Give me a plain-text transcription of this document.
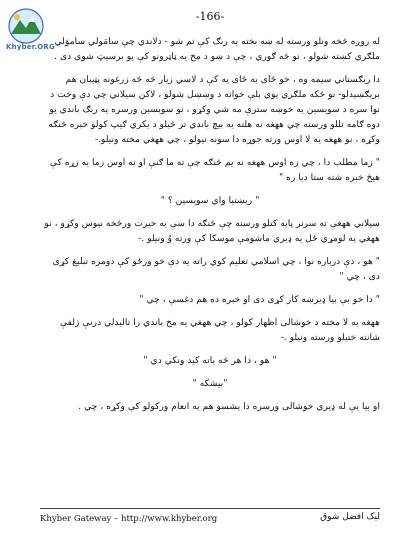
Khyber.ORG
-166-

له روږه څخه ونلو ورسته له ښه بخته يه ربګ کې تم شو - دلاندي چې سامَولي ساموَلي ملګري کښته شولو ، نو څه ګوري ، چې د ښو د مخ يه ټاټرونو کې يو برسيټ شوی دی .

دا ريګستاني سيمه وه ، خو ځای يه ځای يه کې د لاسي زيار څه څه زرغونه پټيبان هم بريګښيدلو- نو څکه ملګري يوي بلې خواته د وښښل شولو ، لاکن سيلاني چي دې وخت د نوا سره د سويسين يه خوښه سترې مه شي وکړو ، نو سويسين ورسره يه ربګ باندي يو دوه ګامه تللو ورسته چي ههغه نه هلته يه بيچ باندي تر څيلو د يکري ګيپ کولو خبره څنګه وکړه ، نو ههغه يه لا اوس ورته جوړه دا سونه نيولو ، چي ههغي مخته ونيلو.-

" زما مطلب دا ، چي زه اوس ههغه نه يم څنګه چې ته ما ګنې او نه اوس زما يه زړه کې هيڅ خبره شته ستا ديا ره "

" ريښتيا واي سويسين ؟ "

سيلاني ههغې ته سرتر پايه کتلو ورسته چې څنګه دا سې يه حيرت ورڅخه نيوس وکړو ، نو ههغي يه لومړي ځل يه ډيري ماشومې موسکا کې ورته وُ ونيلو .-

" هو ، دې درباره نوا ، چي اسلامي تعليم کوي راته يه دې خو ورځو کې دومره تبليغ کړی دی ، چي "

" دا خو بې بيا ډيرښه کار کړی دی او خبره ده هم دغسې ، چي "

ههغه يه لا مخته د خوشالی اظهار کولو ، چي ههغي يه مخ باندي را تاليدلي درنې ژلفې شانته ختيلو ورسته ونيلو .-

" هو ، دا هر څه ياته کيد ونکي دي "

"بيشکه "

او بيا يې له ډيري خوشالی ورسره دا يشسو هم يه انعام ورکولو کې وکړه ، چي .

Khyber Gateway – http://www.khyber.org	ليک افضل شوق
